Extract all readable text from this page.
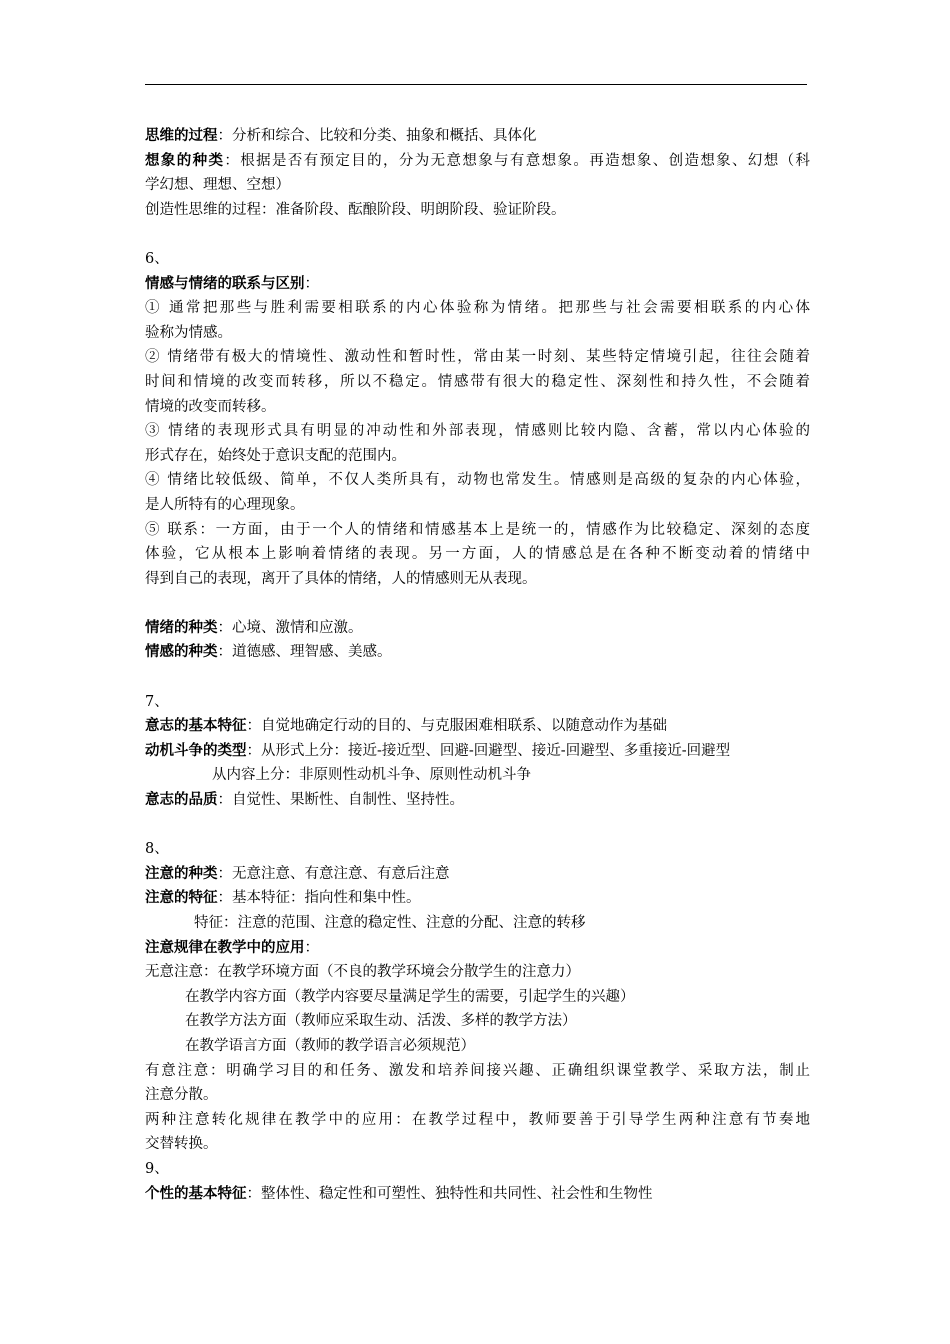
思维的过程：分析和综合、比较和分类、抽象和概括、具体化
想象的种类：根据是否有预定目的，分为无意想象与有意想象。再造想象、创造想象、幻想（科
学幻想、理想、空想）
创造性思维的过程：准备阶段、酝酿阶段、明朗阶段、验证阶段。
6、
情感与情绪的联系与区别：
① 通常把那些与胜利需要相联系的内心体验称为情绪。把那些与社会需要相联系的内心体
验称为情感。
② 情绪带有极大的情境性、激动性和暂时性，常由某一时刻、某些特定情境引起，往往会随着
时间和情境的改变而转移，所以不稳定。情感带有很大的稳定性、深刻性和持久性，不会随着
情境的改变而转移。
③ 情绪的表现形式具有明显的冲动性和外部表现，情感则比较内隐、含蓄，常以内心体验的
形式存在，始终处于意识支配的范围内。
④ 情绪比较低级、简单，不仅人类所具有，动物也常发生。情感则是高级的复杂的内心体验，
是人所特有的心理现象。
⑤ 联系：一方面，由于一个人的情绪和情感基本上是统一的，情感作为比较稳定、深刻的态度
体验，它从根本上影响着情绪的表现。另一方面，人的情感总是在各种不断变动着的情绪中
得到自己的表现，离开了具体的情绪，人的情感则无从表现。
情绪的种类：心境、激情和应激。
情感的种类：道德感、理智感、美感。
7、
意志的基本特征：自觉地确定行动的目的、与克服困难相联系、以随意动作为基础
动机斗争的类型：从形式上分：接近-接近型、回避-回避型、接近-回避型、多重接近-回避型
从内容上分：非原则性动机斗争、原则性动机斗争
意志的品质：自觉性、果断性、自制性、坚持性。
8、
注意的种类：无意注意、有意注意、有意后注意
注意的特征：基本特征：指向性和集中性。
特征：注意的范围、注意的稳定性、注意的分配、注意的转移
注意规律在教学中的应用：
无意注意：在教学环境方面（不良的教学环境会分散学生的注意力）
在教学内容方面（教学内容要尽量满足学生的需要，引起学生的兴趣）
在教学方法方面（教师应采取生动、活泼、多样的教学方法）
在教学语言方面（教师的教学语言必须规范）
有意注意：明确学习目的和任务、激发和培养间接兴趣、正确组织课堂教学、采取方法，制止
注意分散。
两种注意转化规律在教学中的应用：在教学过程中，教师要善于引导学生两种注意有节奏地
交替转换。
9、
个性的基本特征：整体性、稳定性和可塑性、独特性和共同性、社会性和生物性
